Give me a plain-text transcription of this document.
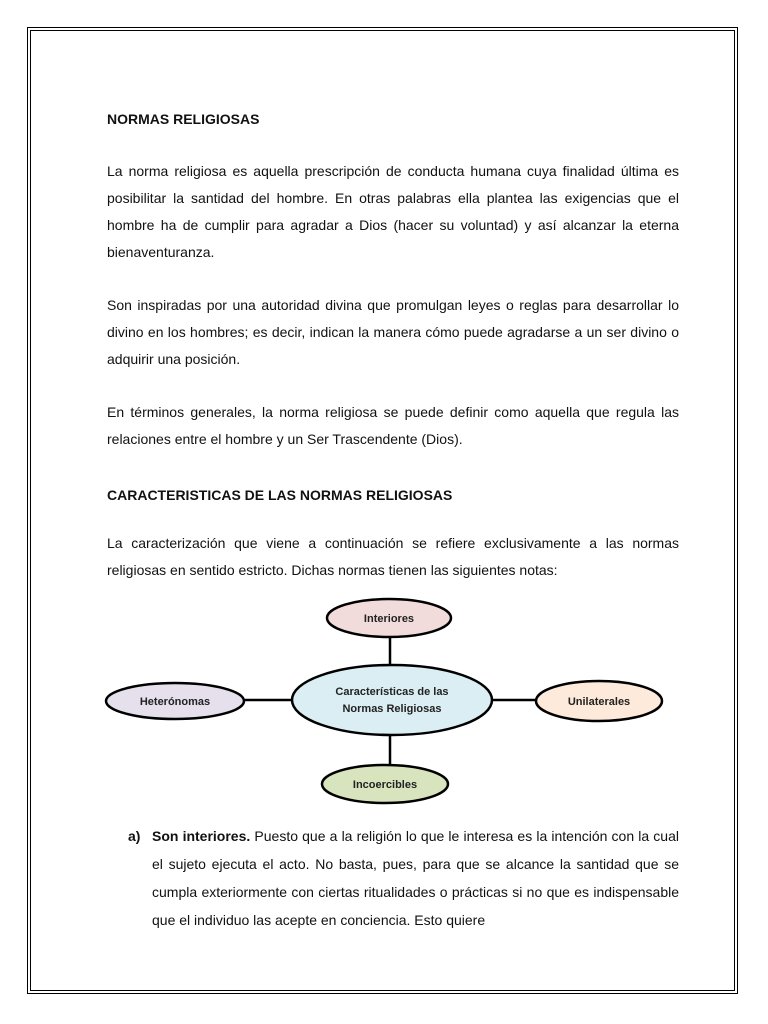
NORMAS RELIGIOSAS

La norma religiosa es aquella prescripción de conducta humana cuya finalidad última es posibilitar la santidad del hombre. En otras palabras ella plantea las exigencias que el hombre ha de cumplir para agradar a Dios (hacer su voluntad) y así alcanzar la eterna bienaventuranza.

Son inspiradas por una autoridad divina que promulgan leyes o reglas para desarrollar lo divino en los hombres; es decir, indican la manera cómo puede agradarse a un ser divino o adquirir una posición.

En términos generales, la norma religiosa se puede definir como aquella que regula las relaciones entre el hombre y un Ser Trascendente (Dios).

CARACTERISTICAS DE LAS NORMAS RELIGIOSAS

La caracterización que viene a continuación se refiere exclusivamente a las normas religiosas en sentido estricto. Dichas normas tienen las siguientes notas:

Características de las
Normas Religiosas
Interiores
Heterónomas	Unilaterales
Incoercibles
a) Son interiores. Puesto que a la religión lo que le interesa es la intención con la cual el sujeto ejecuta el acto. No basta, pues, para que se alcance la santidad que se cumpla exteriormente con ciertas ritualidades o prácticas si no que es indispensable que el individuo las acepte en conciencia. Esto quiere
